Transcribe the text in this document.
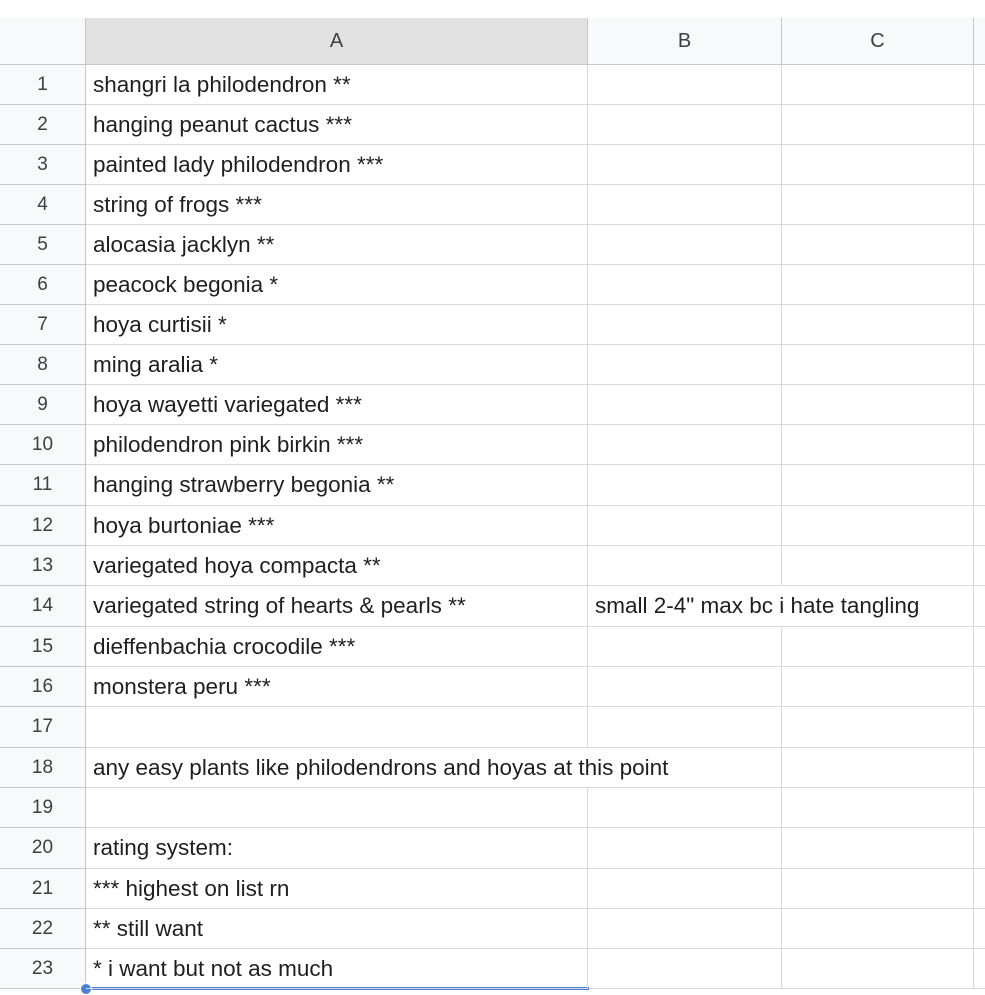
A	B	C
1	shangri la philodendron **
2	hanging peanut cactus ***
3	painted lady philodendron ***
4	string of frogs ***
5	alocasia jacklyn **
6	peacock begonia *
7	hoya curtisii *
8	ming aralia *
9	hoya wayetti variegated ***
10	philodendron pink birkin ***
11	hanging strawberry begonia **
12	hoya burtoniae ***
13	variegated hoya compacta **
14	variegated string of hearts & pearls **	small 2-4" max bc i hate tangling
15	dieffenbachia crocodile ***
16	monstera peru ***
17
18	any easy plants like philodendrons and hoyas at this point
19
20	rating system:
21	*** highest on list rn
22	** still want
23	* i want but not as much
